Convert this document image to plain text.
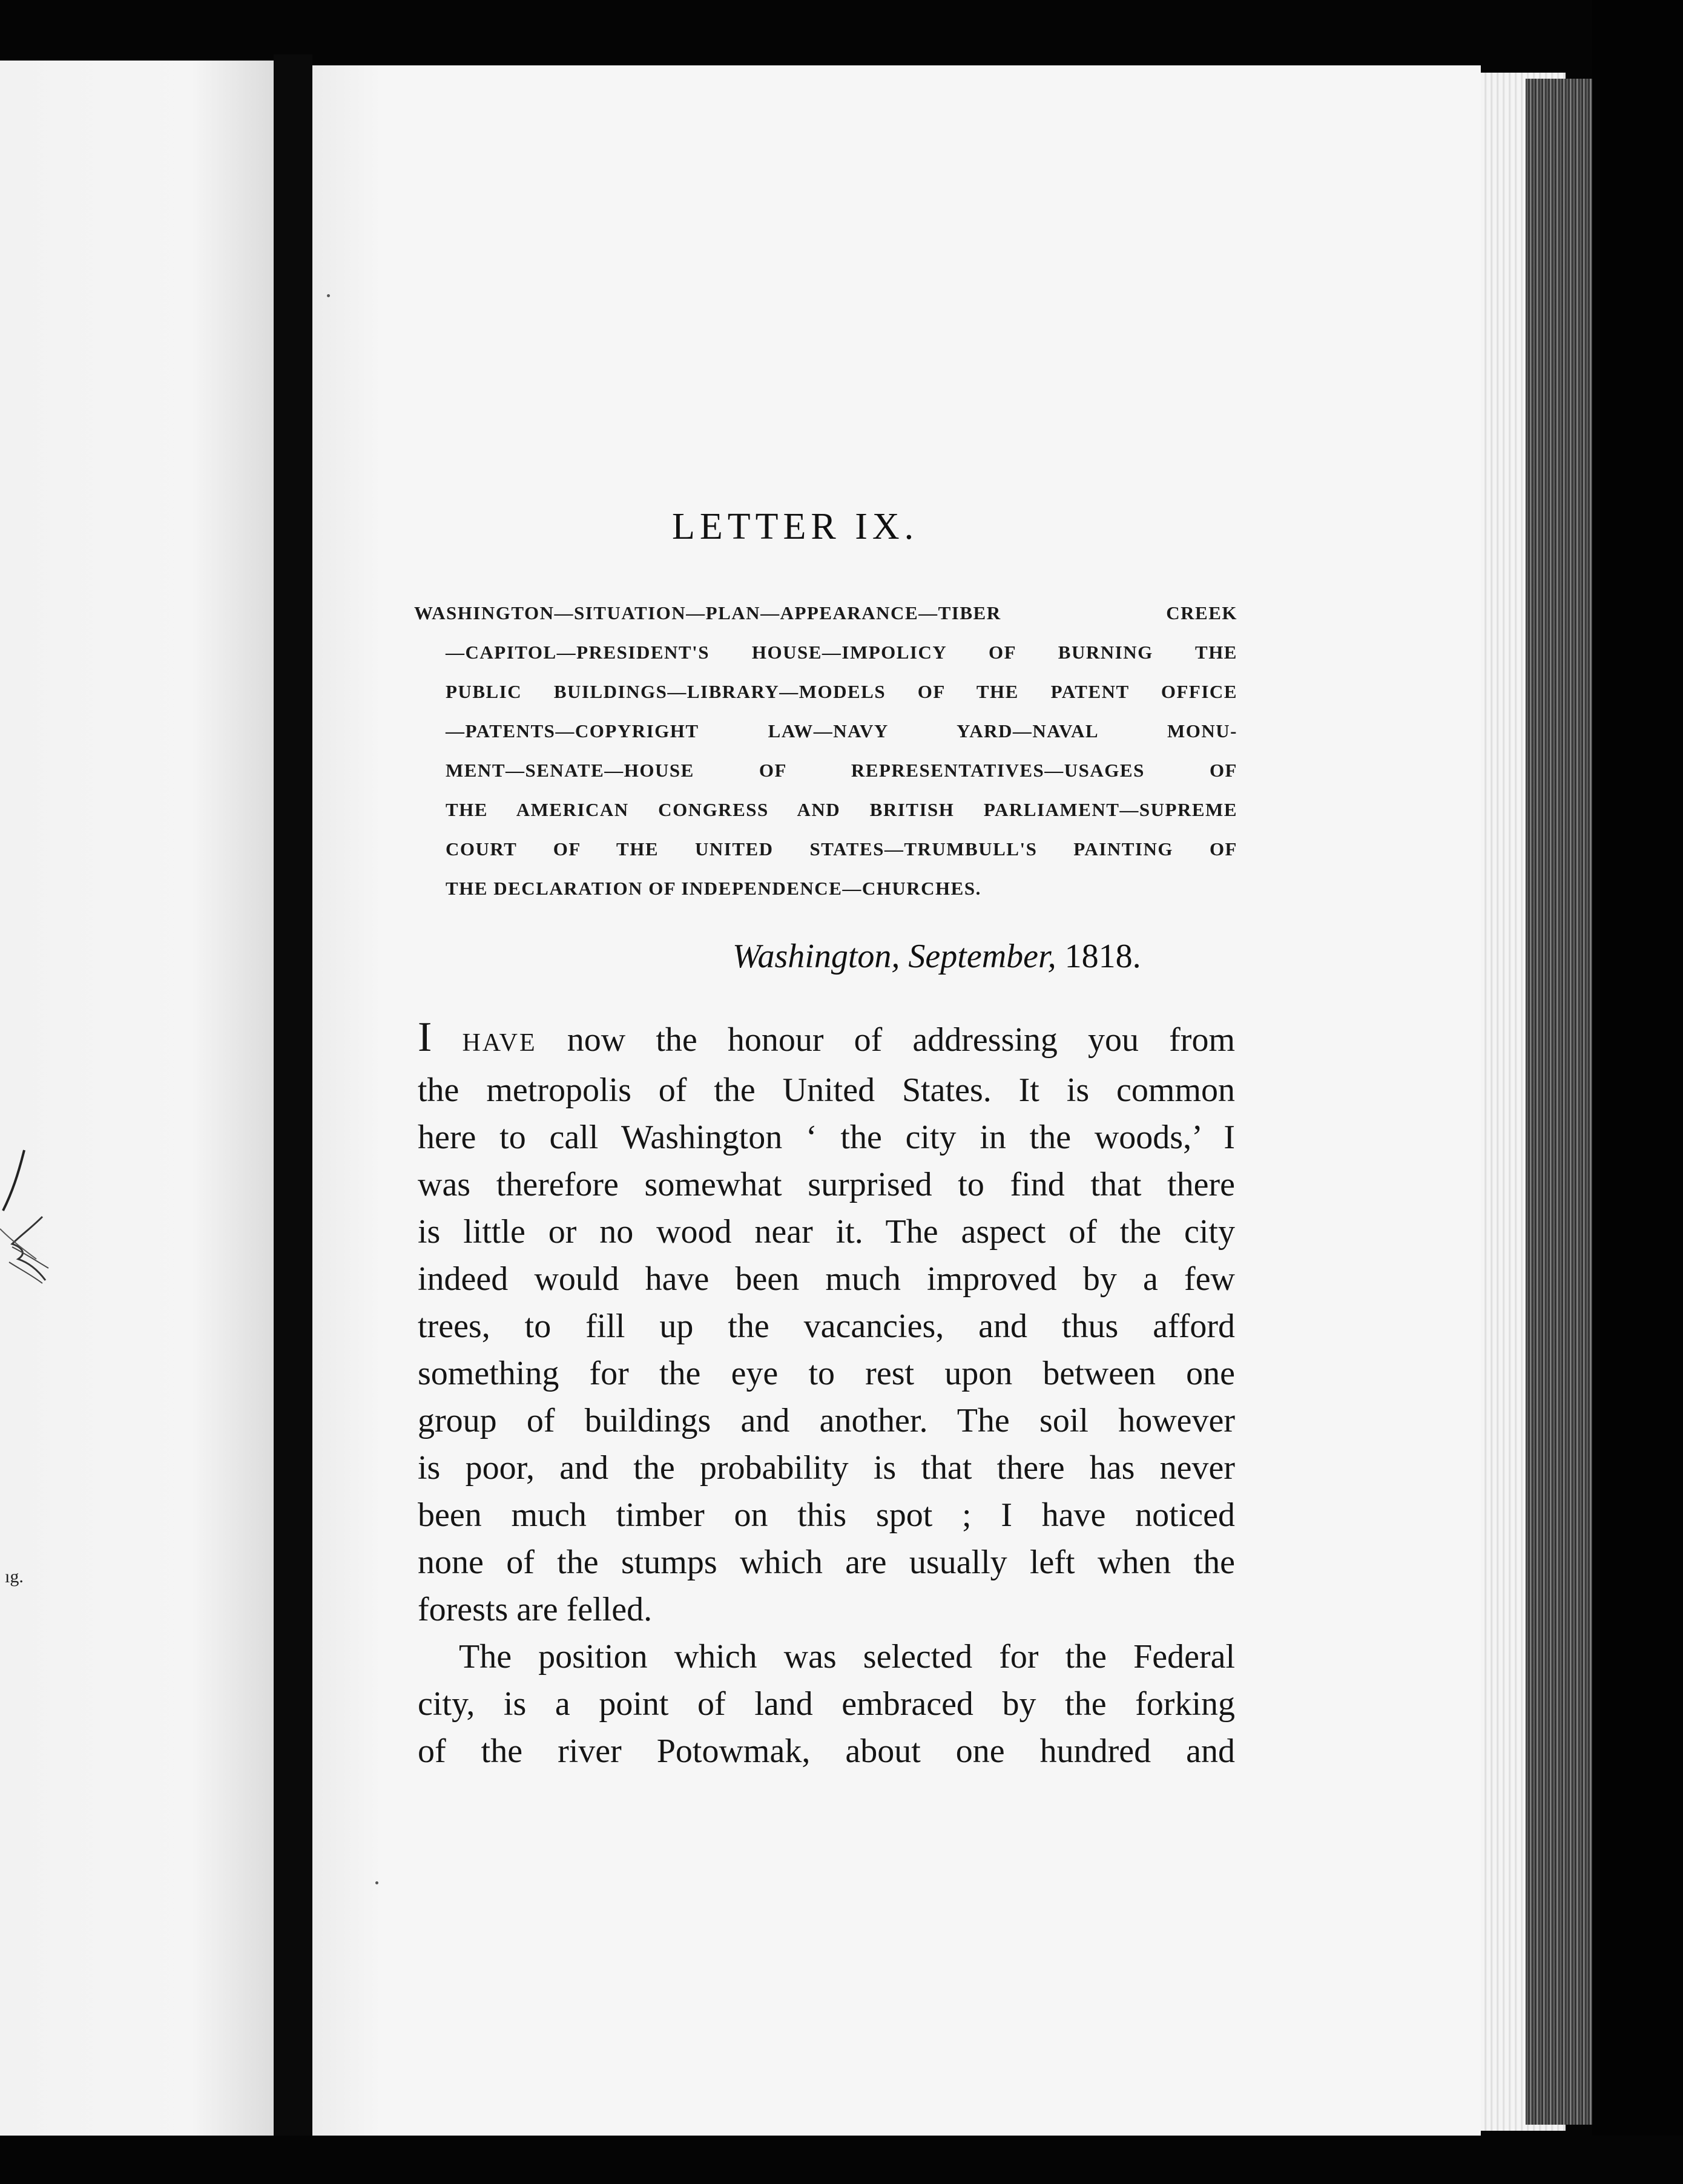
ıg.
LETTER IX.
WASHINGTON—SITUATION—PLAN—APPEARANCE—TIBER CREEK
—CAPITOL—PRESIDENT'S HOUSE—IMPOLICY OF BURNING THE
PUBLIC BUILDINGS—LIBRARY—MODELS OF THE PATENT OFFICE
—PATENTS—COPYRIGHT LAW—NAVY YARD—NAVAL MONU-
MENT—SENATE—HOUSE OF REPRESENTATIVES—USAGES OF
THE AMERICAN CONGRESS AND BRITISH PARLIAMENT—SUPREME
COURT OF THE UNITED STATES—TRUMBULL'S PAINTING OF
THE DECLARATION OF INDEPENDENCE—CHURCHES.
Washington, September, 1818.
I HAVE now the honour of addressing you from
the metropolis of the United States. It is common
here to call Washington ‘ the city in the woods,’ I
was therefore somewhat surprised to find that there
is little or no wood near it. The aspect of the city
indeed would have been much improved by a few
trees, to fill up the vacancies, and thus afford
something for the eye to rest upon between one
group of buildings and another. The soil however
is poor, and the probability is that there has never
been much timber on this spot ; I have noticed
none of the stumps which are usually left when the
forests are felled.
The position which was selected for the Federal
city, is a point of land embraced by the forking
of the river Potowmak, about one hundred and
